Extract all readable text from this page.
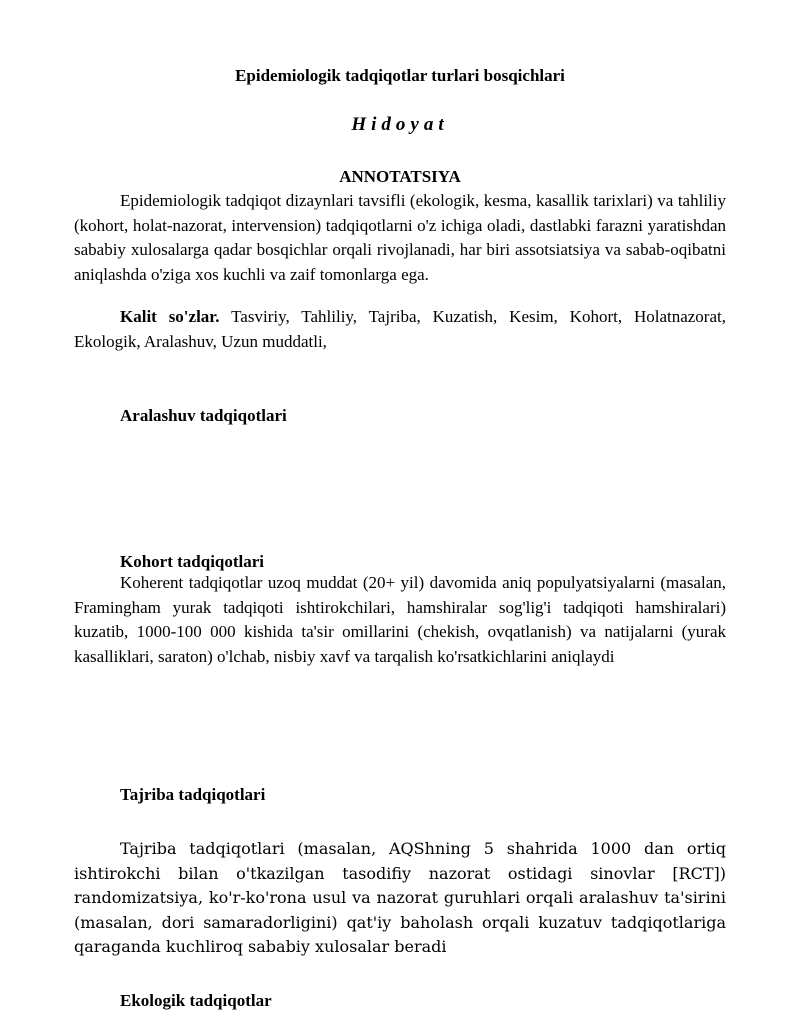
Epidemiologik tadqiqotlar turlari bosqichlari
Hidoyat
ANNOTATSIYA
Epidemiologik tadqiqot dizaynlari tavsifli (ekologik, kesma, kasallik tarixlari) va tahliliy (kohort, holat-nazorat, intervension) tadqiqotlarni o'z ichiga oladi, dastlabki farazni yaratishdan sababiy xulosalarga qadar bosqichlar orqali rivojlanadi, har biri assotsiatsiya va sabab-oqibatni aniqlashda o'ziga xos kuchli va zaif tomonlarga ega.
Kalit so'zlar. Tasviriy, Tahliliy, Tajriba, Kuzatish, Kesim, Kohort, Holatnazorat, Ekologik, Aralashuv, Uzun muddatli,
Aralashuv tadqiqotlari
Kohort tadqiqotlari
Koherent tadqiqotlar uzoq muddat (20+ yil) davomida aniq populyatsiyalarni (masalan, Framingham yurak tadqiqoti ishtirokchilari, hamshiralar sog'lig'i tadqiqoti hamshiralari) kuzatib, 1000-100 000 kishida ta'sir omillarini (chekish, ovqatlanish) va natijalarni (yurak kasalliklari, saraton) o'lchab, nisbiy xavf va tarqalish ko'rsatkichlarini aniqlaydi
Tajriba tadqiqotlari
Tajriba tadqiqotlari (masalan, AQShning 5 shahrida 1000 dan ortiq ishtirokchi bilan o'tkazilgan tasodifiy nazorat ostidagi sinovlar [RCT]) randomizatsiya, ko'r-ko'rona usul va nazorat guruhlari orqali aralashuv ta'sirini (masalan, dori samaradorligini) qat'iy baholash orqali kuzatuv tadqiqotlariga qaraganda kuchliroq sababiy xulosalar beradi
Ekologik tadqiqotlar
